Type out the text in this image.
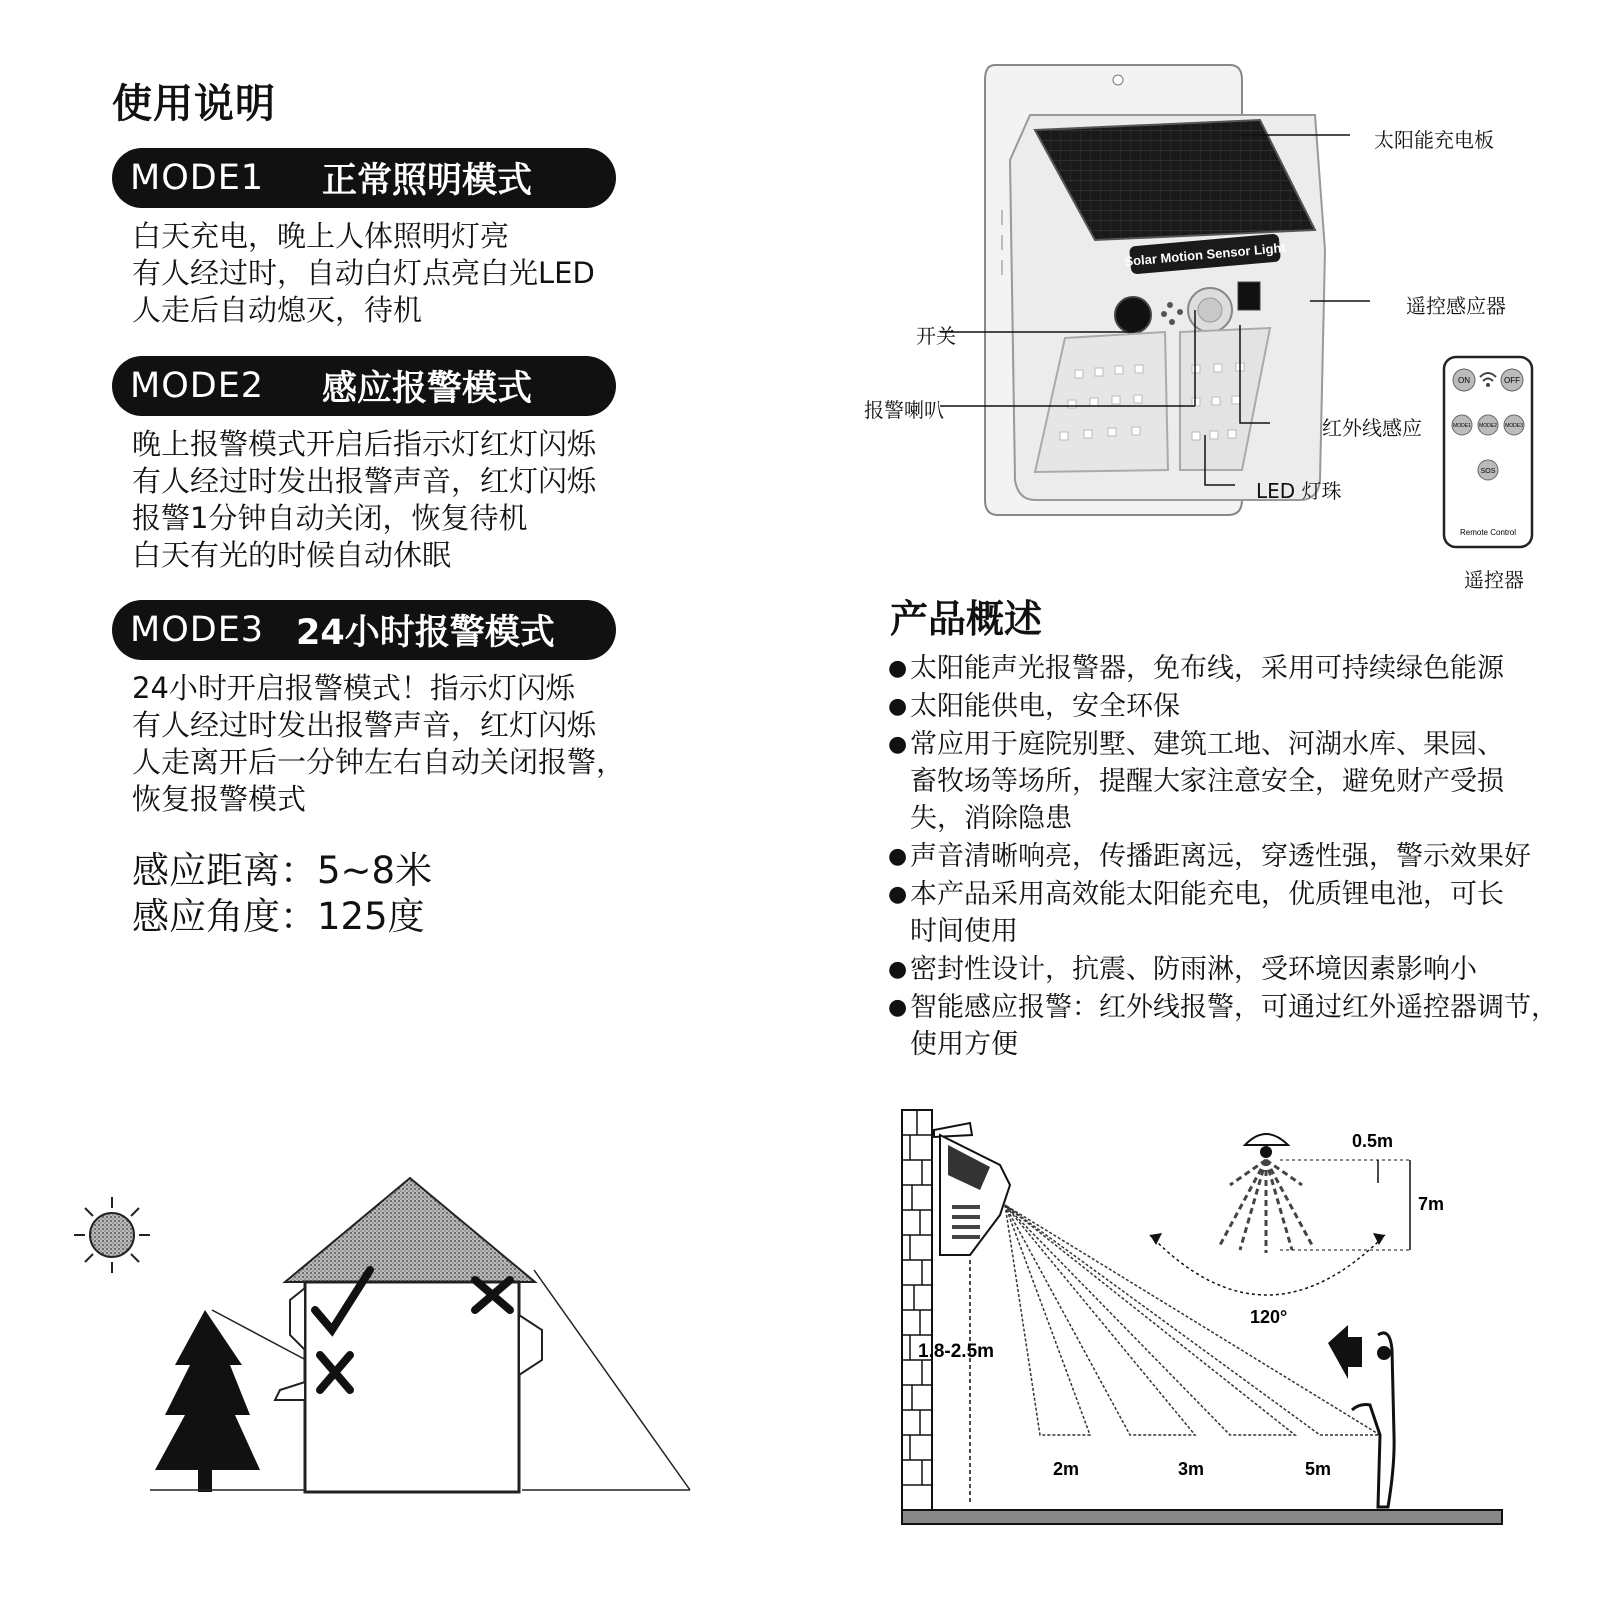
使用说明
MODE1	正常照明模式
白天充电，晚上人体照明灯亮
有人经过时，自动白灯点亮白光LED
人走后自动熄灭，待机
MODE2	感应报警模式
晚上报警模式开启后指示灯红灯闪烁
有人经过时发出报警声音，红灯闪烁
报警1分钟自动关闭，恢复待机
白天有光的时候自动休眠
MODE3 24小时报警模式
24小时开启报警模式！指示灯闪烁
有人经过时发出报警声音，红灯闪烁
人走离开后一分钟左右自动关闭报警，
恢复报警模式
感应距离：5~8米
感应角度：125度
Solar Motion Sensor Light
太阳能充电板
遥控感应器
开关
报警喇叭
红外线感应
LED 灯珠
ON	OFF
MODE1 MODE2 MODE3
SOS
Remote Control
遥控器
产品概述
● 太阳能声光报警器，免布线，采用可持续绿色能源
● 太阳能供电，安全环保
● 常应用于庭院别墅、建筑工地、河湖水库、果园、
畜牧场等场所，提醒大家注意安全，避免财产受损
失，消除隐患
● 声音清晰响亮，传播距离远，穿透性强，警示效果好
● 本产品采用高效能太阳能充电，优质锂电池，可长
时间使用
● 密封性设计，抗震、防雨淋，受环境因素影响小
● 智能感应报警：红外线报警，可通过红外遥控器调节，
使用方便
1.8-2.5m
2m	3m	5m
0.5m
7m
120°
